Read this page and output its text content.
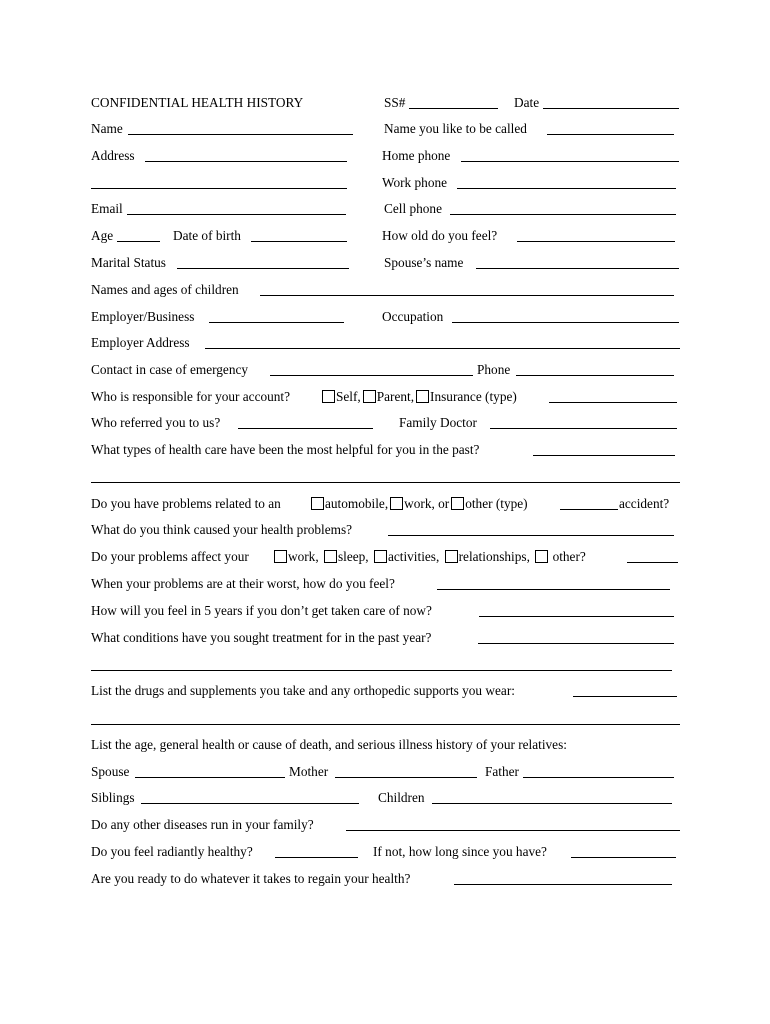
CONFIDENTIAL HEALTH HISTORY	SS#	Date
Name	Name you like to be called
Address	Home phone
Work phone
Email	Cell phone
Age	Date of birth	How old do you feel?
Marital Status	Spouse’s name
Names and ages of children
Employer/Business	Occupation
Employer Address
Contact in case of emergency	Phone
Who is responsible for your account?	Self, Parent, Insurance (type)
Who referred you to us?	Family Doctor
What types of health care have been the most helpful for you in the past?
Do you have problems related to an	automobile, work, or other (type)	accident?
What do you think caused your health problems?
Do your problems affect your	work, sleep, activities, relationships, other?
When your problems are at their worst, how do you feel?
How will you feel in 5 years if you don’t get taken care of now?
What conditions have you sought treatment for in the past year?
List the drugs and supplements you take and any orthopedic supports you wear:
List the age, general health or cause of death, and serious illness history of your relatives:
Spouse	Mother	Father
Siblings	Children
Do any other diseases run in your family?
Do you feel radiantly healthy?	If not, how long since you have?
Are you ready to do whatever it takes to regain your health?
